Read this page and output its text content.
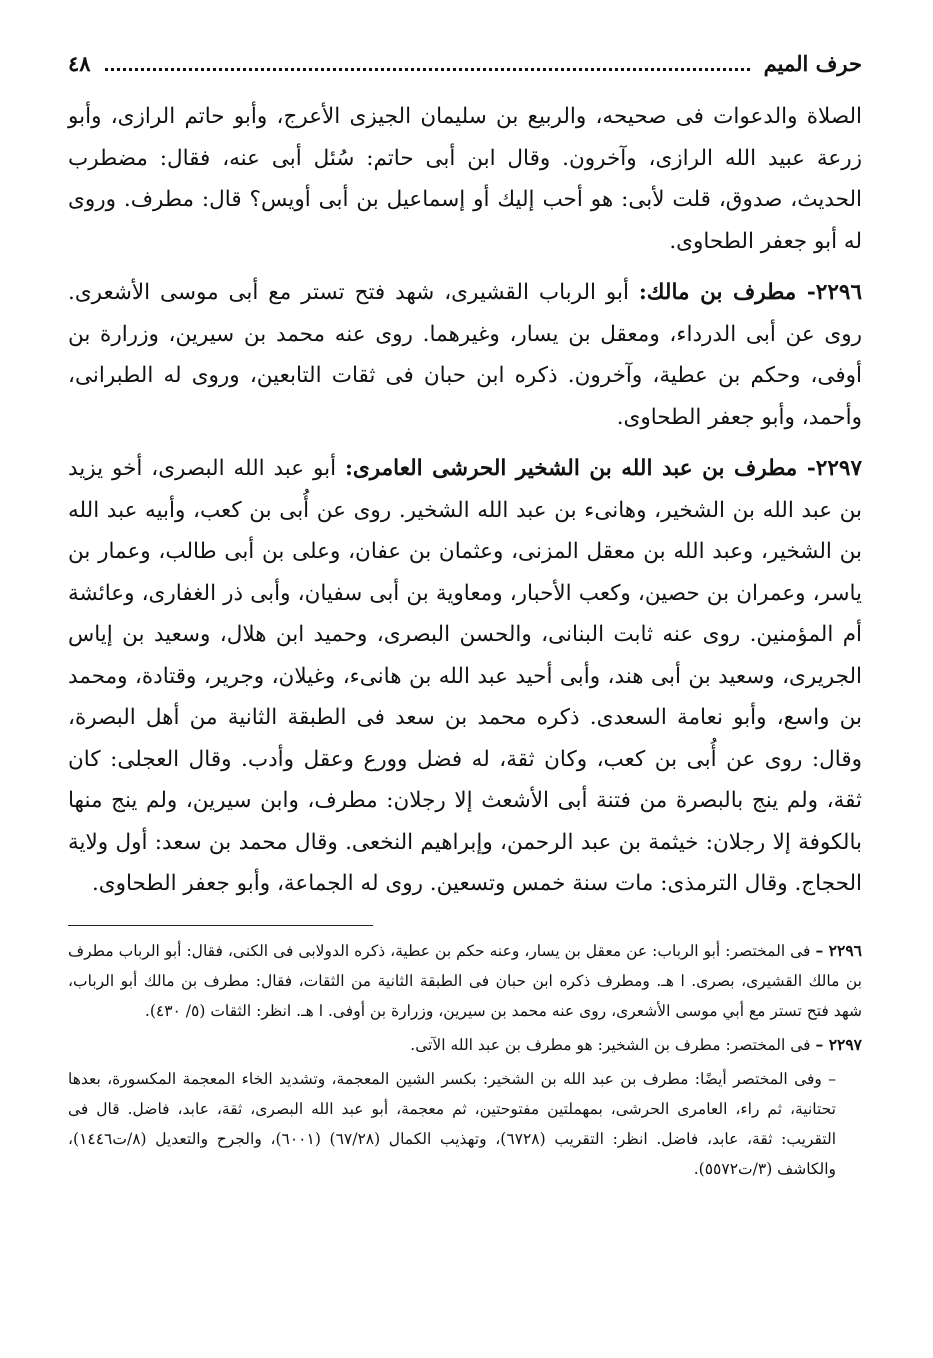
حرف الميم
٤٨

الصلاة والدعوات فى صحيحه، والربيع بن سليمان الجيزى الأعرج، وأبو حاتم الرازى، وأبو زرعة عبيد الله الرازى، وآخرون. وقال ابن أبى حاتم: سُئل أبى عنه، فقال: مضطرب الحديث، صدوق، قلت لأبى: هو أحب إليك أو إسماعيل بن أبى أويس؟ قال: مطرف. وروى له أبو جعفر الطحاوى.

٢٢٩٦- مطرف بن مالك: أبو الرباب القشيرى، شهد فتح تستر مع أبى موسى الأشعرى. روى عن أبى الدرداء، ومعقل بن يسار، وغيرهما. روى عنه محمد بن سيرين، وزرارة بن أوفى، وحكم بن عطية، وآخرون. ذكره ابن حبان فى ثقات التابعين، وروى له الطبرانى، وأحمد، وأبو جعفر الطحاوى.

٢٢٩٧- مطرف بن عبد الله بن الشخير الحرشى العامرى: أبو عبد الله البصرى، أخو يزيد بن عبد الله بن الشخير، وهانىء بن عبد الله الشخير. روى عن أُبى بن كعب، وأبيه عبد الله بن الشخير، وعبد الله بن معقل المزنى، وعثمان بن عفان، وعلى بن أبى طالب، وعمار بن ياسر، وعمران بن حصين، وكعب الأحبار، ومعاوية بن أبى سفيان، وأبى ذر الغفارى، وعائشة أم المؤمنين. روى عنه ثابت البنانى، والحسن البصرى، وحميد ابن هلال، وسعيد بن إياس الجريرى، وسعيد بن أبى هند، وأبى أحيد عبد الله بن هانىء، وغيلان، وجرير، وقتادة، ومحمد بن واسع، وأبو نعامة السعدى. ذكره محمد بن سعد فى الطبقة الثانية من أهل البصرة، وقال: روى عن أُبى بن كعب، وكان ثقة، له فضل وورع وعقل وأدب. وقال العجلى: كان ثقة، ولم ينج بالبصرة من فتنة أبى الأشعث إلا رجلان: مطرف، وابن سيرين، ولم ينج منها بالكوفة إلا رجلان: خيثمة بن عبد الرحمن، وإبراهيم النخعى. وقال محمد بن سعد: أول ولاية الحجاج. وقال الترمذى: مات سنة خمس وتسعين. روى له الجماعة، وأبو جعفر الطحاوى.

٢٢٩٦ – فى المختصر: أبو الرباب: عن معقل بن يسار، وعنه حكم بن عطية، ذكره الدولابى فى الكنى، فقال: أبو الرباب مطرف بن مالك القشيرى، بصرى. ا هـ. ومطرف ذكره ابن حبان فى الطبقة الثانية من الثقات، فقال: مطرف بن مالك أبو الرباب، شهد فتح تستر مع أبي موسى الأشعرى، روى عنه محمد بن سيرين، وزرارة بن أوفى. ا هـ. انظر: الثقات (٥/ ٤٣٠).

٢٢٩٧ – فى المختصر: مطرف بن الشخير: هو مطرف بن عبد الله الآتى.

– وفى المختصر أيضًا: مطرف بن عبد الله بن الشخير: بكسر الشين المعجمة، وتشديد الخاء المعجمة المكسورة، بعدها تحتانية، ثم راء، العامرى الحرشى، بمهملتين مفتوحتين، ثم معجمة، أبو عبد الله البصرى، ثقة، عابد، فاضل. قال فى التقريب: ثقة، عابد، فاضل. انظر: التقريب (٦٧٢٨)، وتهذيب الكمال (٦٧/٢٨) (٦٠٠١)، والجرح والتعديل (٨/ت١٤٤٦)، والكاشف (٣/ت٥٥٧٢).
